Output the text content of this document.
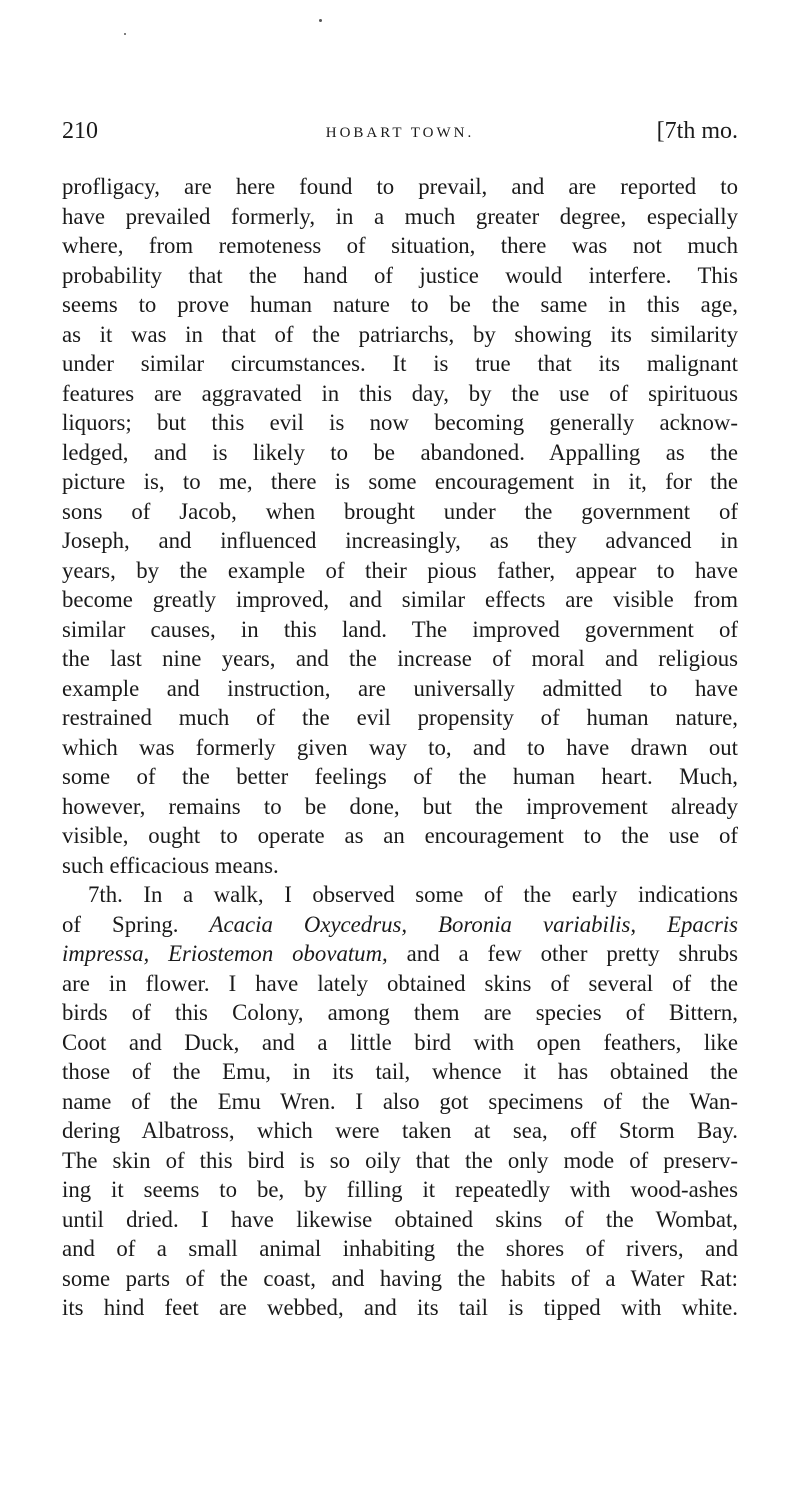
210	HOBART TOWN.	[7th mo.

profligacy, are here found to prevail, and are reported to
have prevailed formerly, in a much greater degree, especially
where, from remoteness of situation, there was not much
probability that the hand of justice would interfere. This
seems to prove human nature to be the same in this age,
as it was in that of the patriarchs, by showing its similarity
under similar circumstances. It is true that its malignant
features are aggravated in this day, by the use of spirituous
liquors; but this evil is now becoming generally acknow-
ledged, and is likely to be abandoned. Appalling as the
picture is, to me, there is some encouragement in it, for the
sons of Jacob, when brought under the government of
Joseph, and influenced increasingly, as they advanced in
years, by the example of their pious father, appear to have
become greatly improved, and similar effects are visible from
similar causes, in this land. The improved government of
the last nine years, and the increase of moral and religious
example and instruction, are universally admitted to have
restrained much of the evil propensity of human nature,
which was formerly given way to, and to have drawn out
some of the better feelings of the human heart. Much,
however, remains to be done, but the improvement already
visible, ought to operate as an encouragement to the use of
such efficacious means.

7th. In a walk, I observed some of the early indications
of Spring. Acacia Oxycedrus, Boronia variabilis, Epacris
impressa, Eriostemon obovatum, and a few other pretty shrubs
are in flower. I have lately obtained skins of several of the
birds of this Colony, among them are species of Bittern,
Coot and Duck, and a little bird with open feathers, like
those of the Emu, in its tail, whence it has obtained the
name of the Emu Wren. I also got specimens of the Wan-
dering Albatross, which were taken at sea, off Storm Bay.
The skin of this bird is so oily that the only mode of preserv-
ing it seems to be, by filling it repeatedly with wood-ashes
until dried. I have likewise obtained skins of the Wombat,
and of a small animal inhabiting the shores of rivers, and
some parts of the coast, and having the habits of a Water Rat:
its hind feet are webbed, and its tail is tipped with white.
